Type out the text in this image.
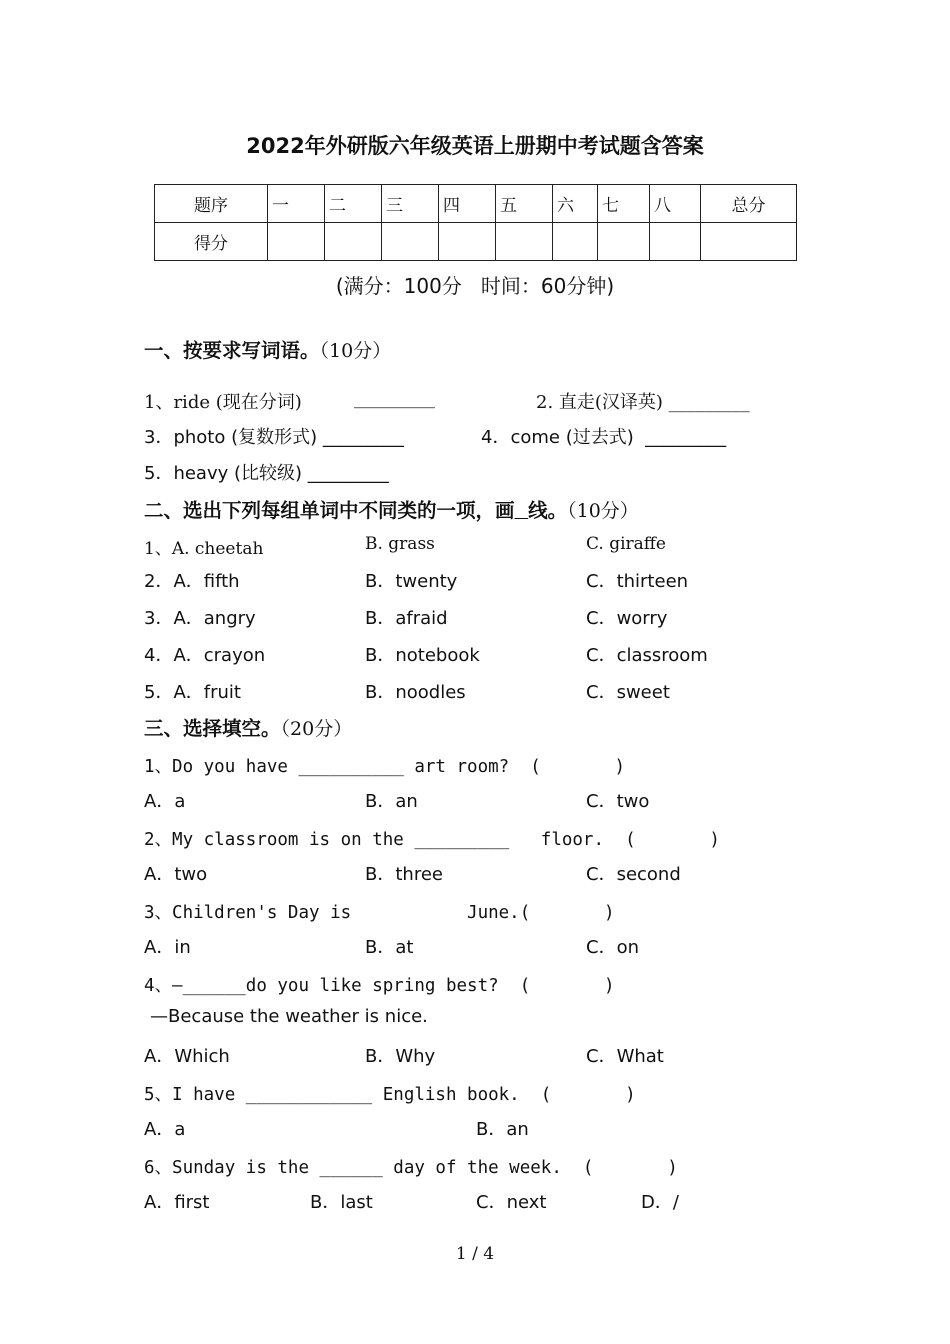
2022年外研版六年级英语上册期中考试题含答案
题序	一	二	三	四	五	六	七	八	总分
得分									
(满分：100分   时间：60分钟)
一、按要求写词语。（10分）
1、ride (现在分词)	_________	2. 直走(汉译英) _________
3．photo (复数形式) _________	4．come (过去式)  _________
5．heavy (比较级) _________
二、选出下列每组单词中不同类的一项，画 线。（10分）
1、A. cheetah	B. grass	C. giraffe
2．A．fifth	B．twenty	C．thirteen
3．A．angry	B．afraid	C．worry
4．A．crayon	B．notebook	C．classroom
5．A．fruit	B．noodles	C．sweet
三、选择填空。（20分）
1、Do you have __________ art room?  (       )
A．a	B．an	C．two
2、My classroom is on the _________   floor.  (       )
A．two	B．three	C．second
3、Children's Day is           June.(       )
A．in	B．at	C．on
4、—______do you like spring best?  (       )
—Because the weather is nice.
A．Which	B．Why	C．What
5、I have ____________ English book.  (       )
A．a	B．an
6、Sunday is the ______ day of the week.  (       )
A．first	B．last	C．next	D．/
1 / 4
